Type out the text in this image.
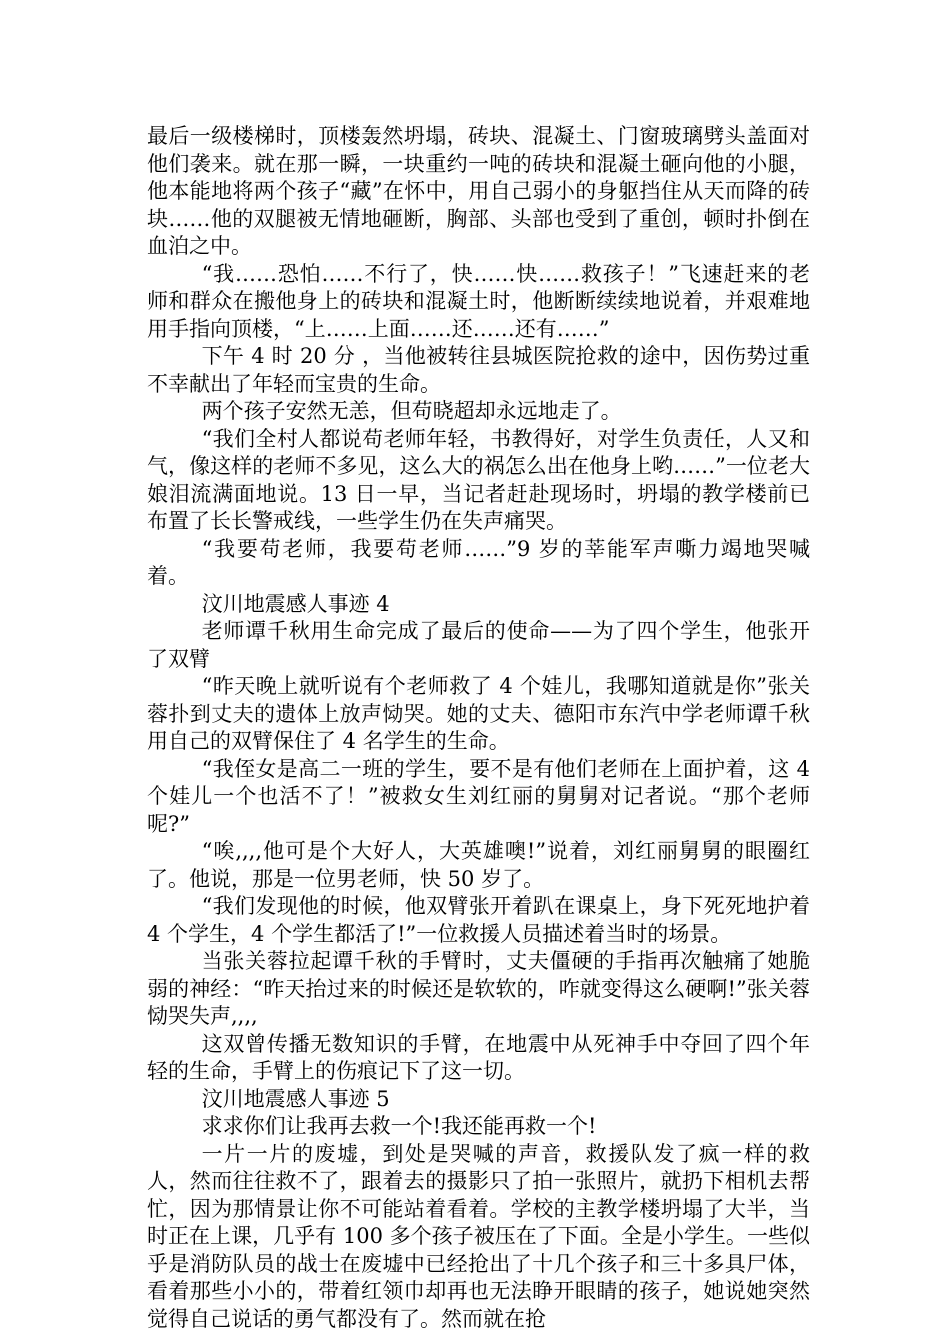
最后一级楼梯时，顶楼轰然坍塌，砖块、混凝土、门窗玻璃劈头盖面对他们袭来。就在那一瞬，一块重约一吨的砖块和混凝土砸向他的小腿，他本能地将两个孩子“藏”在怀中，用自己弱小的身躯挡住从天而降的砖块……他的双腿被无情地砸断，胸部、头部也受到了重创，顿时扑倒在血泊之中。

“我……恐怕……不行了，快……快……救孩子！”飞速赶来的老师和群众在搬他身上的砖块和混凝土时，他断断续续地说着，并艰难地用手指向顶楼，“上……上面……还……还有……”

下午 4 时 20 分 ，当他被转往县城医院抢救的途中，因伤势过重不幸献出了年轻而宝贵的生命。

两个孩子安然无恙，但苟晓超却永远地走了。

“我们全村人都说苟老师年轻，书教得好，对学生负责任，人又和气，像这样的老师不多见，这么大的祸怎么出在他身上哟……”一位老大娘泪流满面地说。13 日一早，当记者赶赴现场时，坍塌的教学楼前已布置了长长警戒线，一些学生仍在失声痛哭。

“我要苟老师，我要苟老师……”9 岁的莘能军声嘶力竭地哭喊着。

汶川地震感人事迹 4

老师谭千秋用生命完成了最后的使命——为了四个学生，他张开了双臂

“昨天晚上就听说有个老师救了 4 个娃儿，我哪知道就是你”张关蓉扑到丈夫的遗体上放声恸哭。她的丈夫、德阳市东汽中学老师谭千秋用自己的双臂保住了 4 名学生的生命。

“我侄女是高二一班的学生，要不是有他们老师在上面护着，这 4 个娃儿一个也活不了！”被救女生刘红丽的舅舅对记者说。“那个老师呢?”

“唉,,,,他可是个大好人，大英雄噢!”说着，刘红丽舅舅的眼圈红了。他说，那是一位男老师，快 50 岁了。

“我们发现他的时候，他双臂张开着趴在课桌上，身下死死地护着 4 个学生，4 个学生都活了!”一位救援人员描述着当时的场景。

当张关蓉拉起谭千秋的手臂时，丈夫僵硬的手指再次触痛了她脆弱的神经：“昨天抬过来的时候还是软软的，咋就变得这么硬啊!”张关蓉恸哭失声,,,,

这双曾传播无数知识的手臂，在地震中从死神手中夺回了四个年轻的生命，手臂上的伤痕记下了这一切。

汶川地震感人事迹 5

求求你们让我再去救一个!我还能再救一个!

一片一片的废墟，到处是哭喊的声音，救援队发了疯一样的救人，然而往往救不了，跟着去的摄影只了拍一张照片，就扔下相机去帮忙，因为那情景让你不可能站着看着。学校的主教学楼坍塌了大半，当时正在上课，几乎有 100 多个孩子被压在了下面。全是小学生。一些似乎是消防队员的战士在废墟中已经抢出了十几个孩子和三十多具尸体，看着那些小小的，带着红领巾却再也无法睁开眼睛的孩子，她说她突然觉得自己说话的勇气都没有了。然而就在抢
